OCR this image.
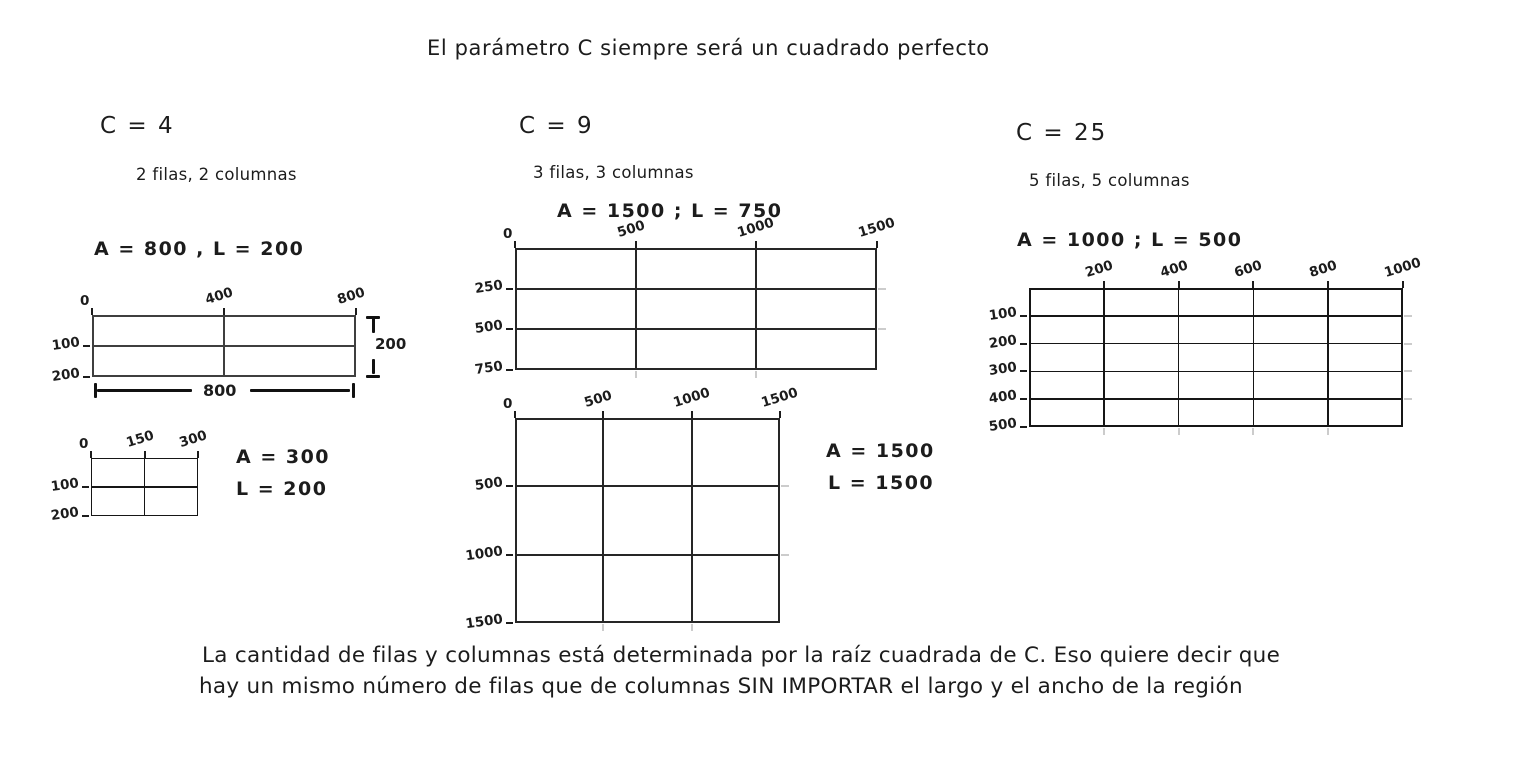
El parámetro C siempre será un cuadrado perfecto
C = 4
2 filas, 2 columnas
A = 800 , L = 200
A = 300
L = 200
C = 9
3 filas, 3 columnas
A = 1500 ; L = 750
A = 1500
L = 1500
C = 25
5 filas, 5 columnas
A = 1000 ; L = 500
La cantidad de filas y columnas está determinada por la raíz cuadrada de C. Eso quiere decir que
hay un mismo número de filas que de columnas SIN IMPORTAR el largo y el ancho de la región
0	400	800
100
200
200
800
0	150 300
100
200
0	500	1000	1500
250
500
750
0	500	1000	1500
500
1000
1500
200	400	600	800	1000
100
200
300
400
500
